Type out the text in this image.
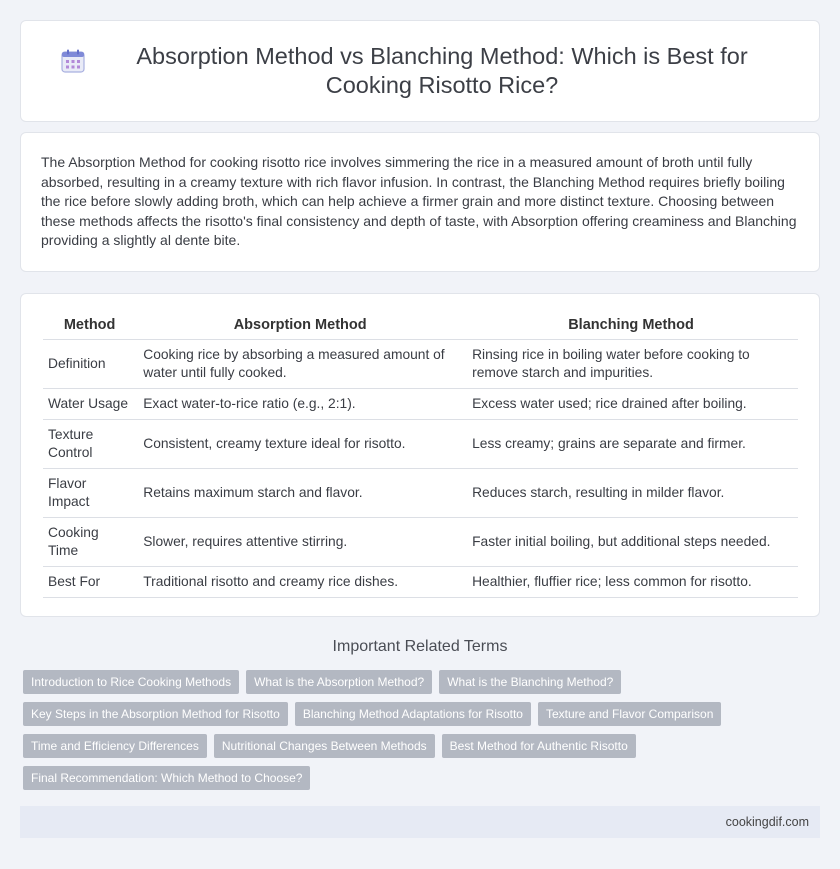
Absorption Method vs Blanching Method: Which is Best for Cooking Risotto Rice?

The Absorption Method for cooking risotto rice involves simmering the rice in a measured amount of broth until fully absorbed, resulting in a creamy texture with rich flavor infusion. In contrast, the Blanching Method requires briefly boiling the rice before slowly adding broth, which can help achieve a firmer grain and more distinct texture. Choosing between these methods affects the risotto's final consistency and depth of taste, with Absorption offering creaminess and Blanching providing a slightly al dente bite.

Method	Absorption Method	Blanching Method
Definition	Cooking rice by absorbing a measured amount of water until fully cooked.	Rinsing rice in boiling water before cooking to remove starch and impurities.
Water Usage	Exact water-to-rice ratio (e.g., 2:1).	Excess water used; rice drained after boiling.
Texture Control	Consistent, creamy texture ideal for risotto.	Less creamy; grains are separate and firmer.
Flavor Impact	Retains maximum starch and flavor.	Reduces starch, resulting in milder flavor.
Cooking Time	Slower, requires attentive stirring.	Faster initial boiling, but additional steps needed.
Best For	Traditional risotto and creamy rice dishes.	Healthier, fluffier rice; less common for risotto.
Important Related Terms
Introduction to Rice Cooking Methods	What is the Absorption Method?	What is the Blanching Method?
Key Steps in the Absorption Method for Risotto	Blanching Method Adaptations for Risotto	Texture and Flavor Comparison
Time and Efficiency Differences	Nutritional Changes Between Methods	Best Method for Authentic Risotto
Final Recommendation: Which Method to Choose?
cookingdif.com
